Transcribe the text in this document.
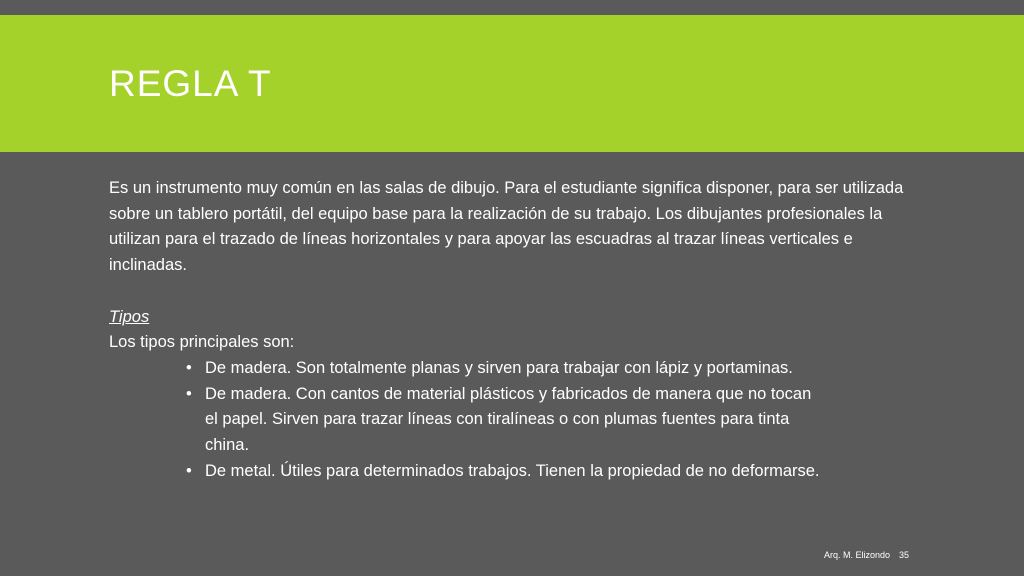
REGLA T

Es un instrumento muy común en las salas de dibujo. Para el estudiante significa disponer, para ser utilizada sobre un tablero portátil, del equipo base para la realización de su trabajo. Los dibujantes profesionales la utilizan para el trazado de líneas horizontales y para apoyar las escuadras al trazar líneas verticales e inclinadas.

Tipos

Los tipos principales son:

• De madera. Son totalmente planas y sirven para trabajar con lápiz y portaminas.
• De madera. Con cantos de material plásticos y fabricados de manera que no tocan el papel. Sirven para trazar líneas con tiralíneas o con plumas fuentes para tinta china.
• De metal. Útiles para determinados trabajos. Tienen la propiedad de no deformarse.
Arq. M. Elizondo 35
